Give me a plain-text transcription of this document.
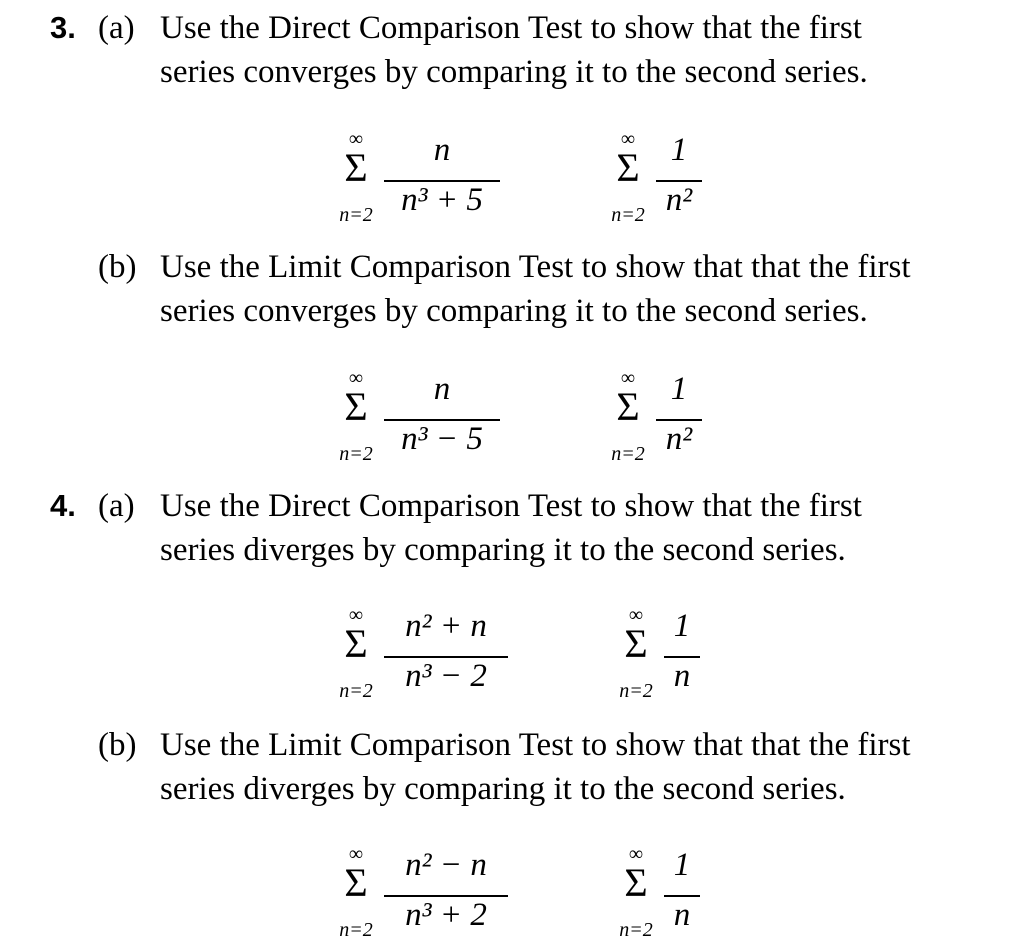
3. (a) Use the Direct Comparison Test to show that the first
series converges by comparing it to the second series.
∞
Σ
n=2
n
n³ + 5
∞
Σ
n=2
1
n²
(b) Use the Limit Comparison Test to show that that the first
series converges by comparing it to the second series.
∞
Σ
n=2
n
n³ − 5
∞
Σ
n=2
1
n²
4. (a) Use the Direct Comparison Test to show that the first
series diverges by comparing it to the second series.
∞
Σ
n=2
n² + n
n³ − 2
∞
Σ
n=2
1
n
(b) Use the Limit Comparison Test to show that that the first
series diverges by comparing it to the second series.
∞
Σ
n=2
n² − n
n³ + 2
∞
Σ
n=2
1
n
